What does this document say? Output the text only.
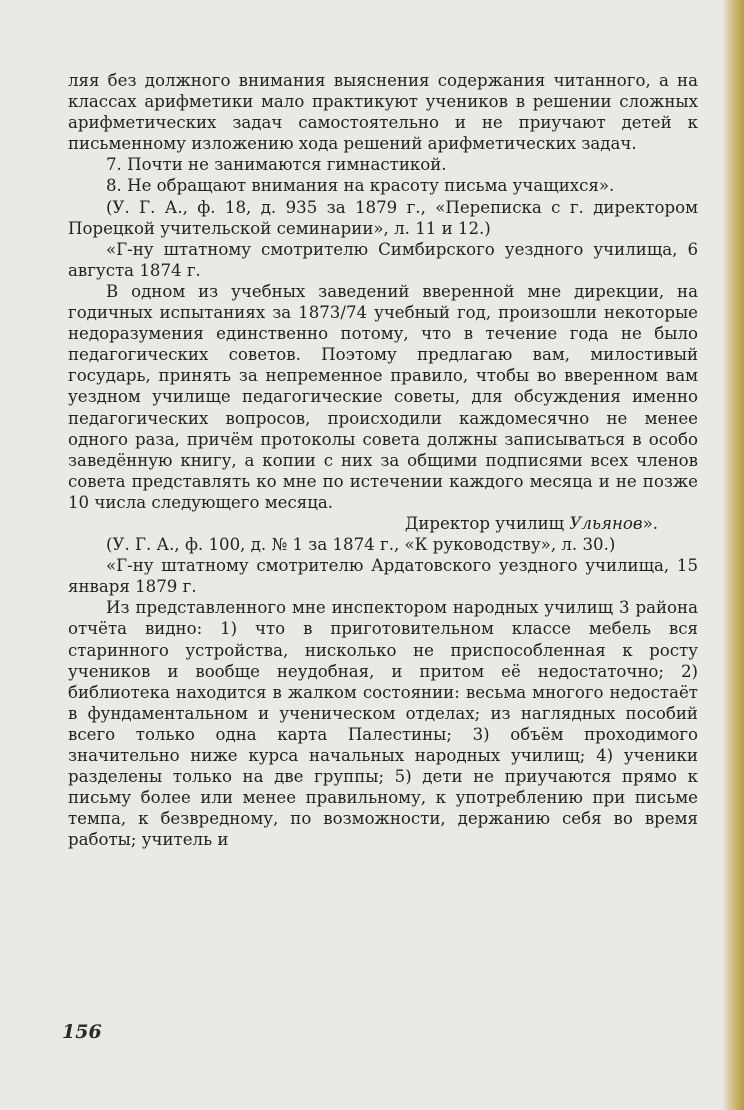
ляя без должного внимания выяснения содержания читанного, а на классах арифметики мало практикуют учеников в решении сложных арифметических задач самостоятельно и не приучают детей к письменному изложению хода решений арифметических задач.

7. Почти не занимаются гимнастикой.

8. Не обращают внимания на красоту письма учащихся».

(У. Г. А., ф. 18, д. 935 за 1879 г., «Переписка с г. директором Порецкой учительской семинарии», л. 11 и 12.)

«Г-ну штатному смотрителю Симбирского уездного училища, 6 августа 1874 г.

В одном из учебных заведений вверенной мне дирекции, на годичных испытаниях за 1873/74 учебный год, произошли некоторые недоразумения единственно потому, что в течение года не было педагогических советов. Поэтому предлагаю вам, милостивый государь, принять за непременное правило, чтобы во вверенном вам уездном училище педагогические советы, для обсуждения именно педагогических вопросов, происходили каждомесячно не менее одного раза, причём протоколы совета должны записываться в особо заведённую книгу, а копии с них за общими подписями всех членов совета представлять ко мне по истечении каждого месяца и не позже 10 числа следующего месяца.

Директор училищ Ульянов».

(У. Г. А., ф. 100, д. № 1 за 1874 г., «К руководству», л. 30.)

«Г-ну штатному смотрителю Ардатовского уездного училища, 15 января 1879 г.

Из представленного мне инспектором народных училищ 3 района отчёта видно: 1) что в приготовительном классе мебель вся старинного устройства, нисколько не приспособленная к росту учеников и вообще неудобная, и притом её недостаточно; 2) библиотека находится в жалком состоянии: весьма многого недостаёт в фундаментальном и ученическом отделах; из наглядных пособий всего только одна карта Палестины; 3) объём проходимого значительно ниже курса начальных народных училищ; 4) ученики разделены только на две группы; 5) дети не приучаются прямо к письму более или менее правильному, к употреблению при письме темпа, к безвредному, по возможности, держанию себя во время работы; учитель и

156
